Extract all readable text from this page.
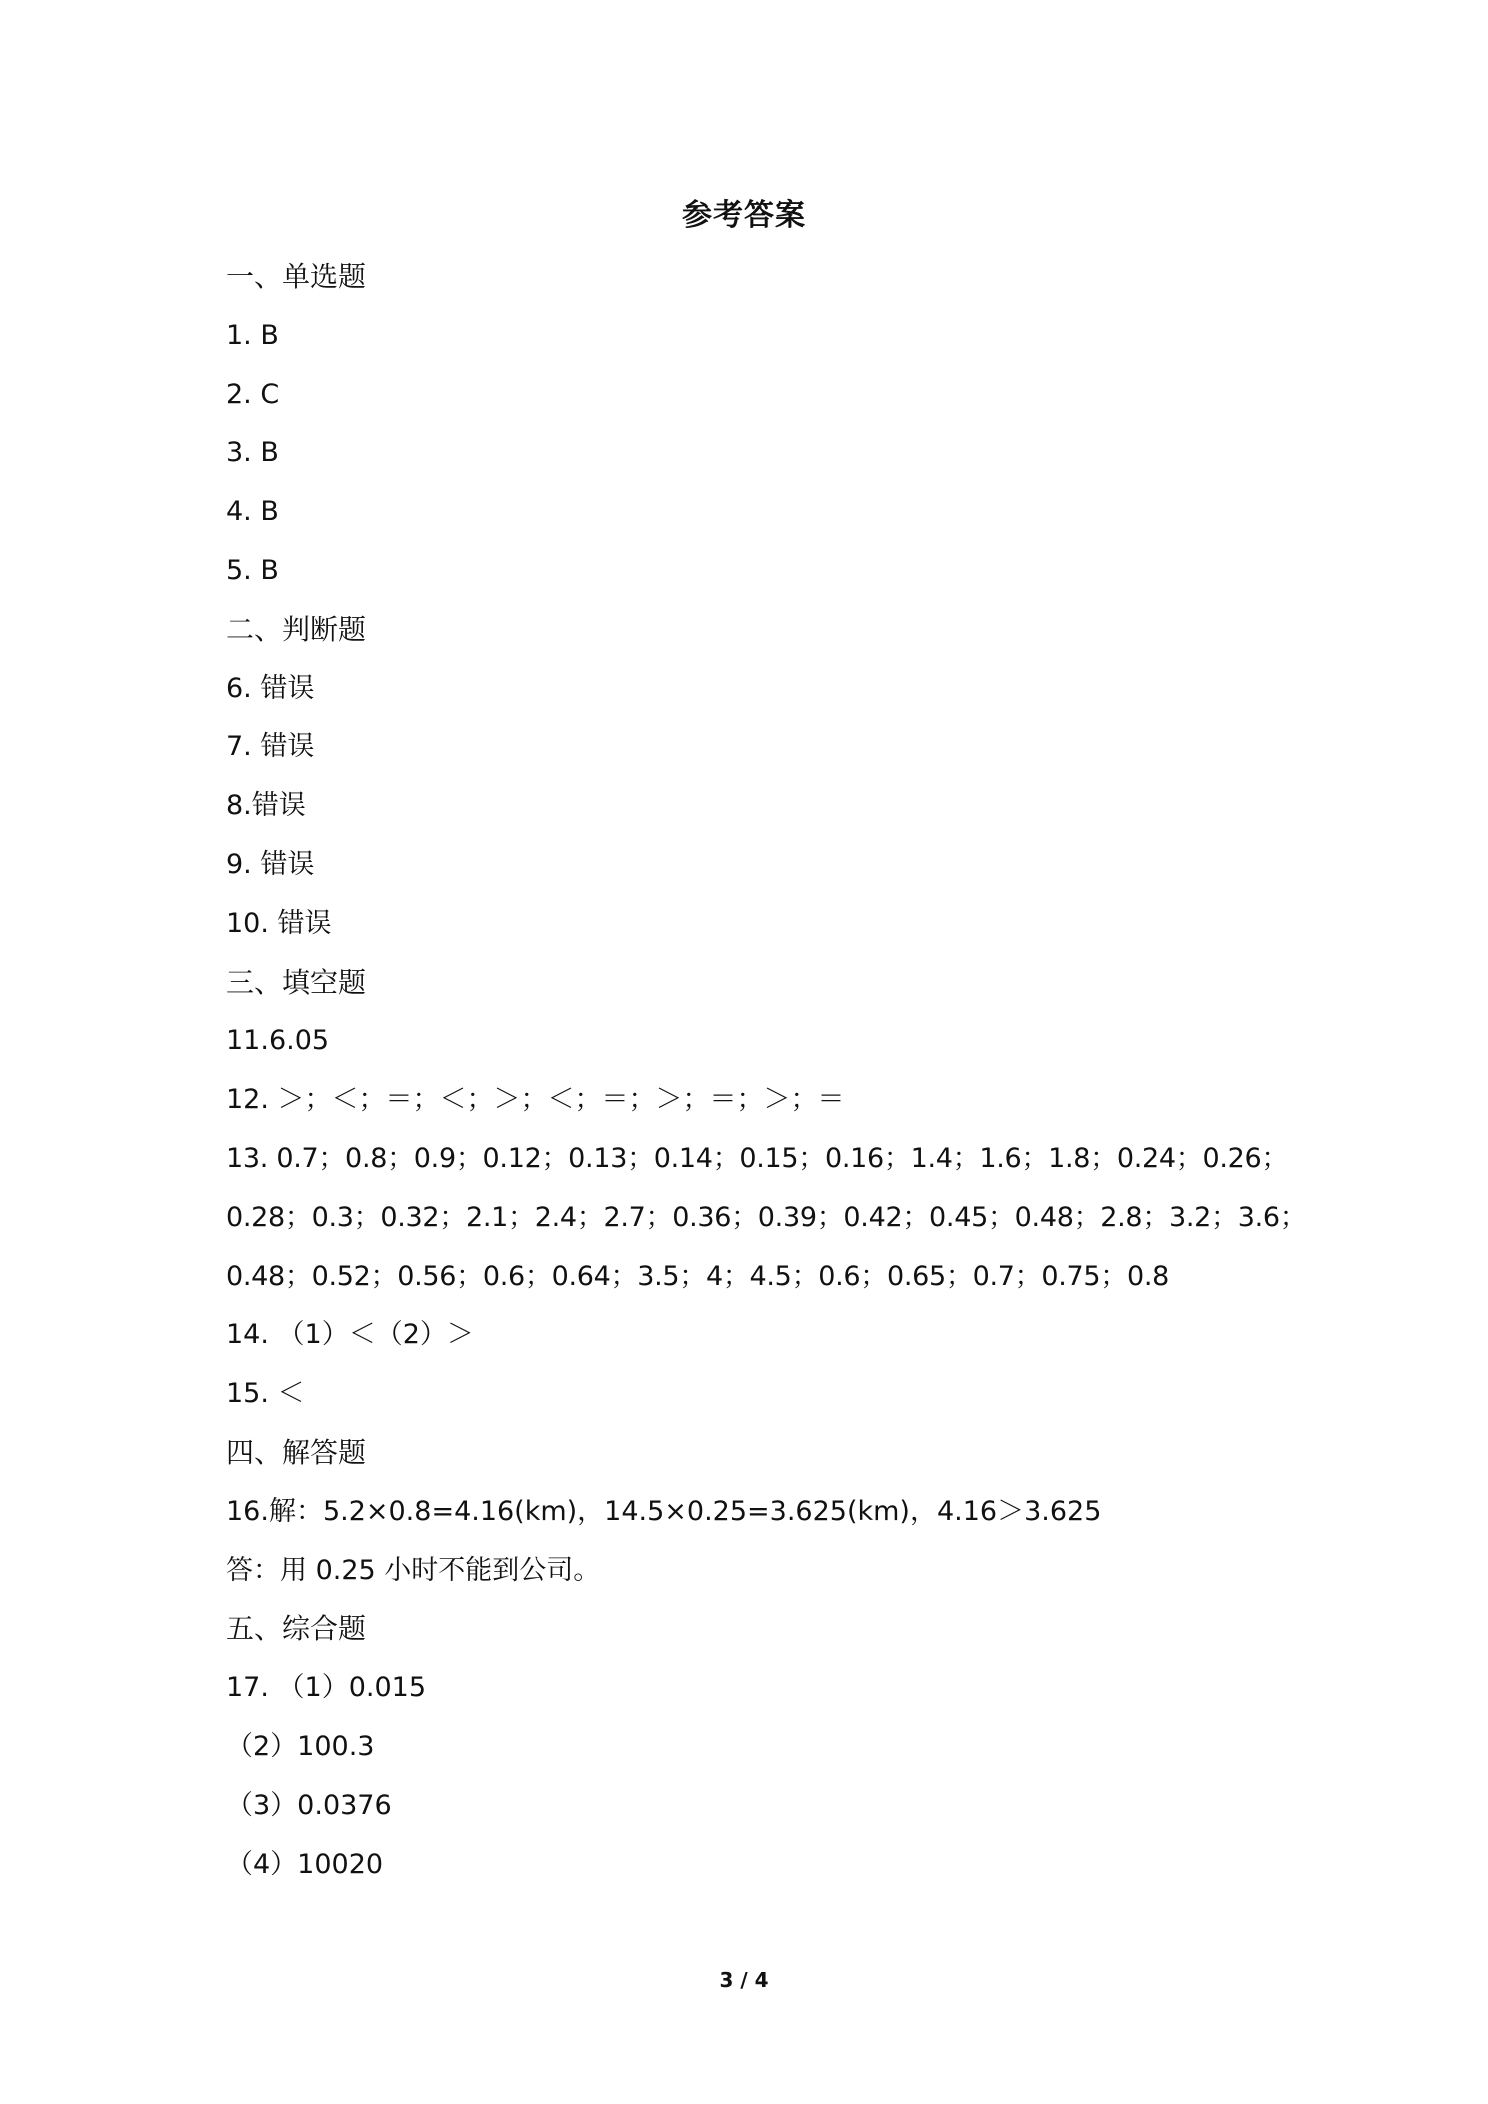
参考答案
一、单选题
1. B
2. C
3. B
4. B
5. B
二、判断题
6. 错误
7. 错误
8.错误
9. 错误
10. 错误
三、填空题
11.6.05
12. ＞；＜；＝；＜；＞；＜；＝；＞；＝；＞；＝
13. 0.7；0.8；0.9；0.12；0.13；0.14；0.15；0.16；1.4；1.6；1.8；0.24；0.26；
0.28；0.3；0.32；2.1；2.4；2.7；0.36；0.39；0.42；0.45；0.48；2.8；3.2；3.6；
0.48；0.52；0.56；0.6；0.64；3.5；4；4.5；0.6；0.65；0.7；0.75；0.8
14. （1）＜（2）＞
15. ＜
四、解答题
16.解：5.2×0.8=4.16(km)，14.5×0.25=3.625(km)，4.16＞3.625
答：用 0.25 小时不能到公司。
五、综合题
17. （1）0.015
（2）100.3
（3）0.0376
（4）10020
3 / 4
